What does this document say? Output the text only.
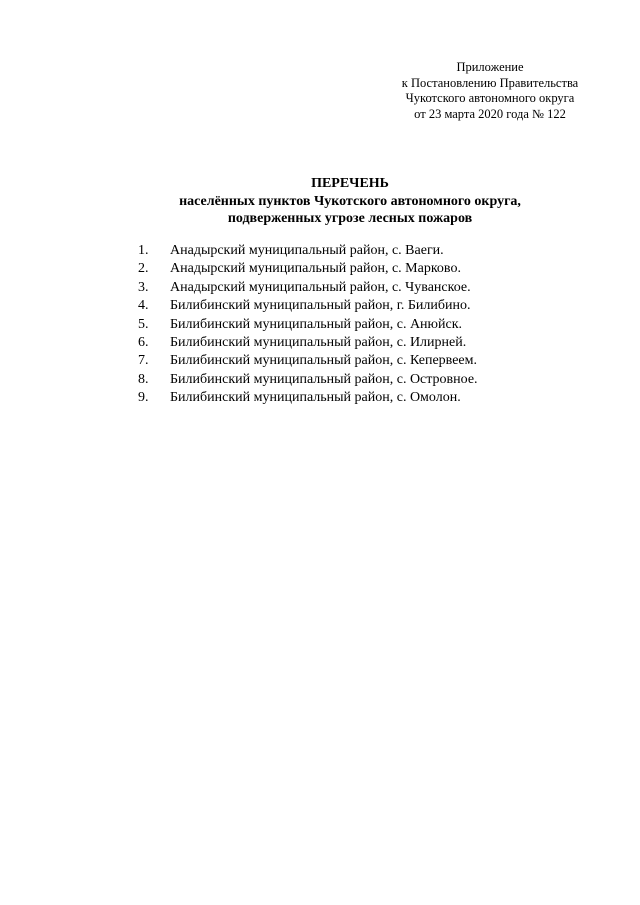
Приложение
к Постановлению Правительства
Чукотского автономного округа
от 23 марта 2020 года № 122
ПЕРЕЧЕНЬ
населённых пунктов Чукотского автономного округа,
подверженных угрозе лесных пожаров
1.	Анадырский муниципальный район, с. Ваеги.
2.	Анадырский муниципальный район, с. Марково.
3.	Анадырский муниципальный район, с. Чуванское.
4.	Билибинский муниципальный район, г. Билибино.
5.	Билибинский муниципальный район, с. Анюйск.
6.	Билибинский муниципальный район, с. Илирней.
7.	Билибинский муниципальный район, с. Кепервеем.
8.	Билибинский муниципальный район, с. Островное.
9.	Билибинский муниципальный район, с. Омолон.
